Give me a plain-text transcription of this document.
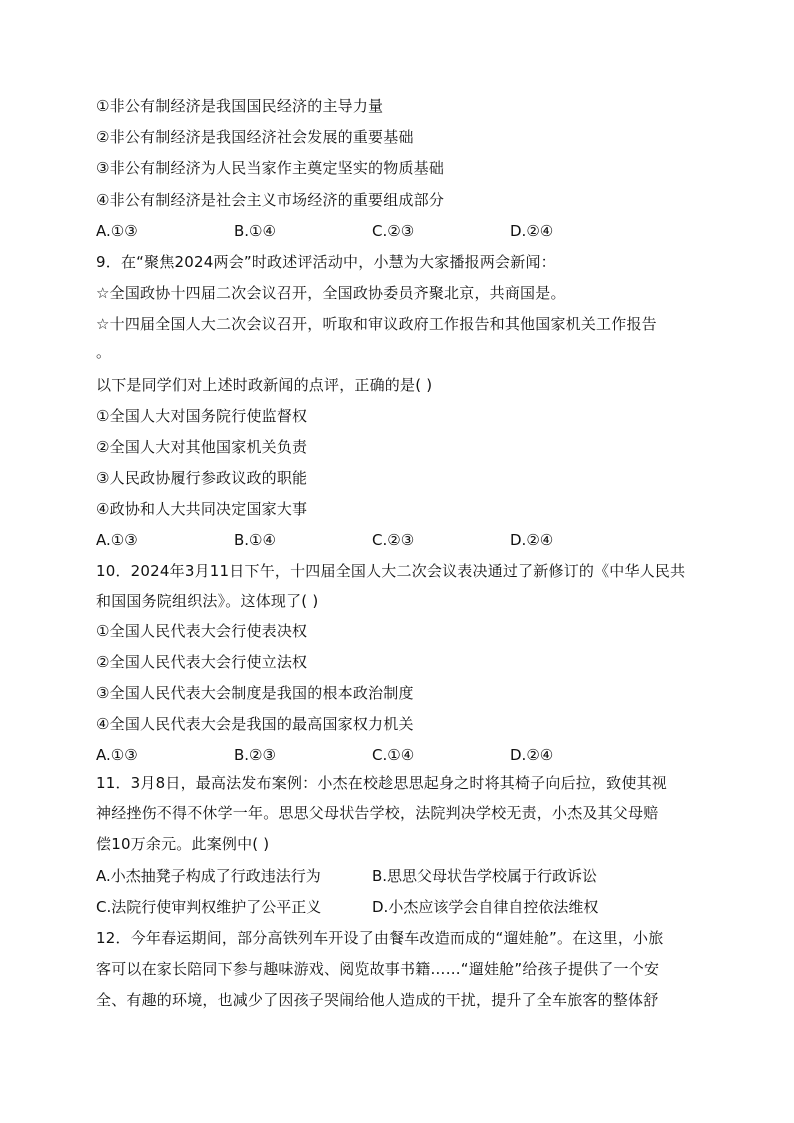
①非公有制经济是我国国民经济的主导力量
②非公有制经济是我国经济社会发展的重要基础
③非公有制经济为人民当家作主奠定坚实的物质基础
④非公有制经济是社会主义市场经济的重要组成部分
A.①③	B.①④	C.②③	D.②④
9．在“聚焦2024两会”时政述评活动中，小慧为大家播报两会新闻：
☆全国政协十四届二次会议召开，全国政协委员齐聚北京，共商国是。
☆十四届全国人大二次会议召开，听取和审议政府工作报告和其他国家机关工作报告
。
以下是同学们对上述时政新闻的点评，正确的是( )
①全国人大对国务院行使监督权
②全国人大对其他国家机关负责
③人民政协履行参政议政的职能
④政协和人大共同决定国家大事
A.①③	B.①④	C.②③	D.②④
10．2024年3月11日下午，十四届全国人大二次会议表决通过了新修订的《中华人民共
和国国务院组织法》。这体现了( )
①全国人民代表大会行使表决权
②全国人民代表大会行使立法权
③全国人民代表大会制度是我国的根本政治制度
④全国人民代表大会是我国的最高国家权力机关
A.①③	B.②③	C.①④	D.②④
11．3月8日，最高法发布案例：小杰在校趁思思起身之时将其椅子向后拉，致使其视
神经挫伤不得不休学一年。思思父母状告学校，法院判决学校无责，小杰及其父母赔
偿10万余元。此案例中( )
A.小杰抽凳子构成了行政违法行为	B.思思父母状告学校属于行政诉讼
C.法院行使审判权维护了公平正义	D.小杰应该学会自律自控依法维权
12．今年春运期间，部分高铁列车开设了由餐车改造而成的“遛娃舱”。在这里，小旅
客可以在家长陪同下参与趣味游戏、阅览故事书籍……“遛娃舱”给孩子提供了一个安
全、有趣的环境，也减少了因孩子哭闹给他人造成的干扰，提升了全车旅客的整体舒
